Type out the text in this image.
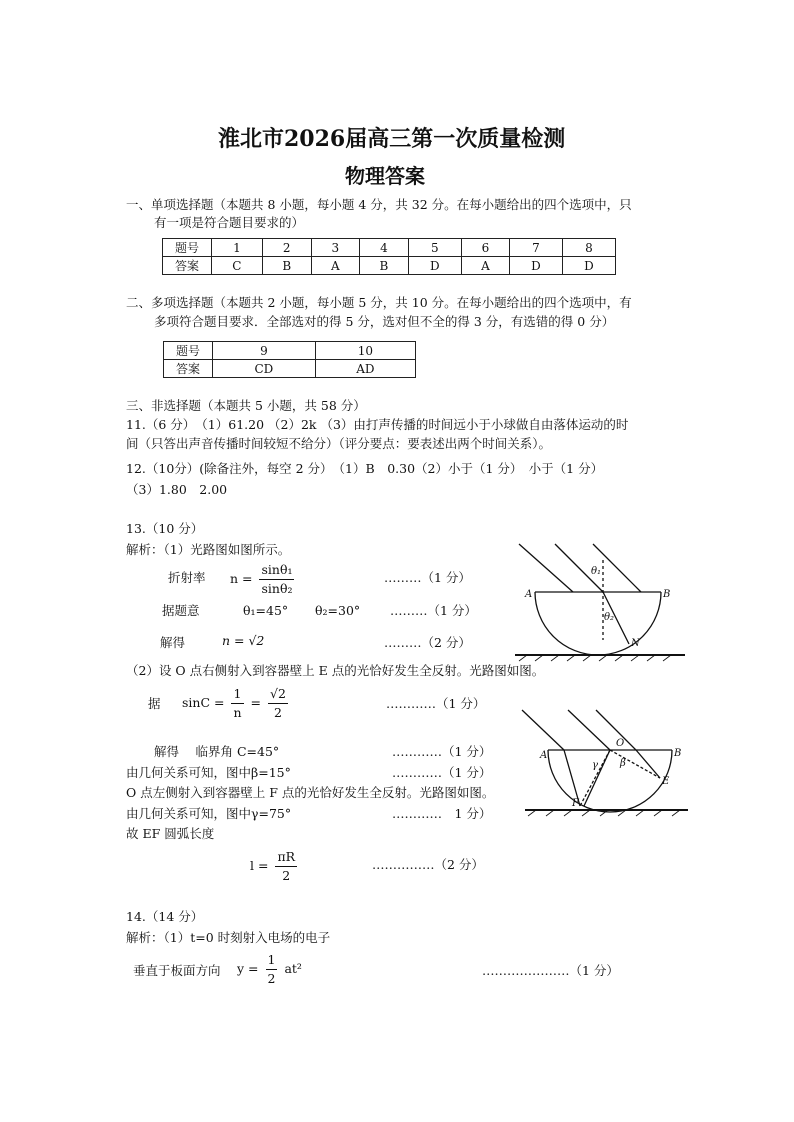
淮北市2026届高三第一次质量检测
物理答案
一、单项选择题（本题共 8 小题，每小题 4 分，共 32 分。在每小题给出的四个选项中，只
有一项是符合题目要求的）
题号	1	2	3	4	5	6	7	8
答案	C	B	A	B	D	A	D	D
二、多项选择题（本题共 2 小题，每小题 5 分，共 10 分。在每小题给出的四个选项中，有
多项符合题目要求．全部选对的得 5 分，选对但不全的得 3 分，有选错的得 0 分）
题号	9	10
答案	CD	AD
三、非选择题（本题共 5 小题，共 58 分）
11.（6 分）　（1）61.20 （2）2k （3）由打声传播的时间远小于小球做自由落体运动的时
间（只答出声音传播时间较短不给分）（评分要点：要表述出两个时间关系）。
12.（10分）(除备注外，每空 2 分）　（1）B　0.30（2）小于（1 分）　小于（1 分）
（3）1.80　2.00
13.（10 分）
解析：（1）光路图如图所示。
折射率 $n = \frac{\text{sinθ₁}}{\text{sinθ₂}}$	………（1 分）
据题意	θ₁=45° θ₂=30° ………（1 分）
解得	n = √2	………（2 分）
（2）设 O 点右侧射入到容器壁上 E 点的光恰好发生全反射。光路图如图。
据 $\sin C = \frac{1}{n} = \frac{√2}{2}$	…………（1 分）
解得　 临界角 C=45°	…………（1 分）
由几何关系可知，图中β=15°	…………（1 分）
O 点左侧射入到容器壁上 F 点的光恰好发生全反射。光路图如图。
由几何关系可知，图中γ=75°	…………　1 分）
故 EF 圆弧长度
$l = \frac{\pi R}{2}$	……………（2 分）
14.（14 分）
解析：（1）t=0 时刻射入电场的电子
垂直于板面方向 $y = \frac{1}{2} at^2$	…………………（1 分）
A	B
N
θ₁
θ₂
A	B
O
E
F
γ β
